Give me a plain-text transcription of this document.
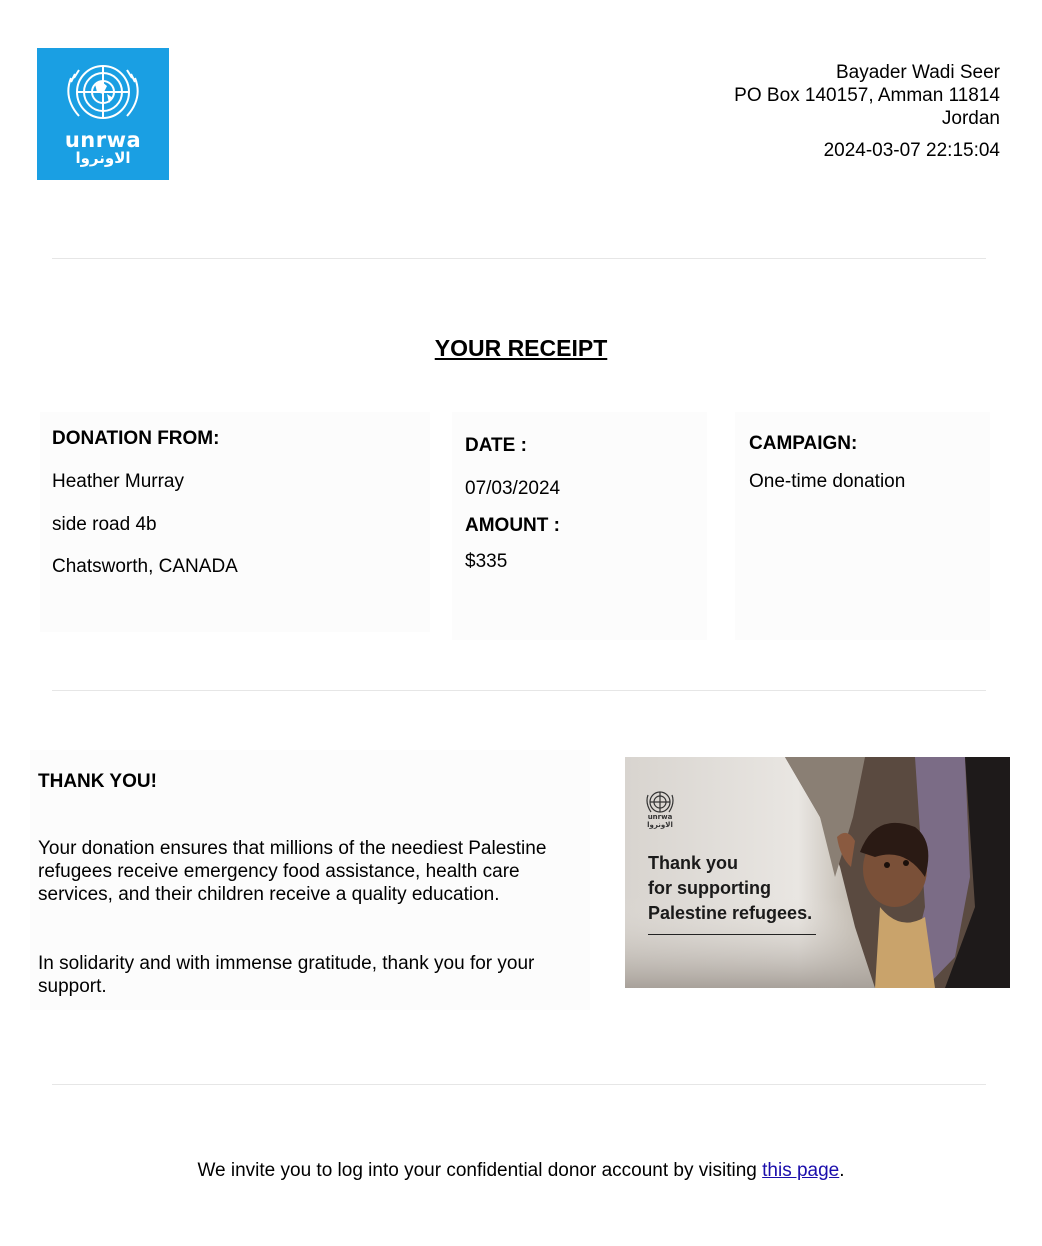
unrwa
الاونروا
Bayader Wadi Seer
PO Box 140157, Amman 11814
Jordan
2024-03-07 22:15:04
YOUR RECEIPT
DONATION FROM:
Heather Murray
side road 4b
Chatsworth, CANADA
DATE :
07/03/2024
AMOUNT :
$335
CAMPAIGN:
One-time donation
THANK YOU!
Your donation ensures that millions of the neediest Palestine refugees receive emergency food assistance, health care services, and their children receive a quality education.
In solidarity and with immense gratitude, thank you for your support.
unrwa
الاونروا
Thank you
for supporting
Palestine refugees.
We invite you to log into your confidential donor account by visiting this page.
